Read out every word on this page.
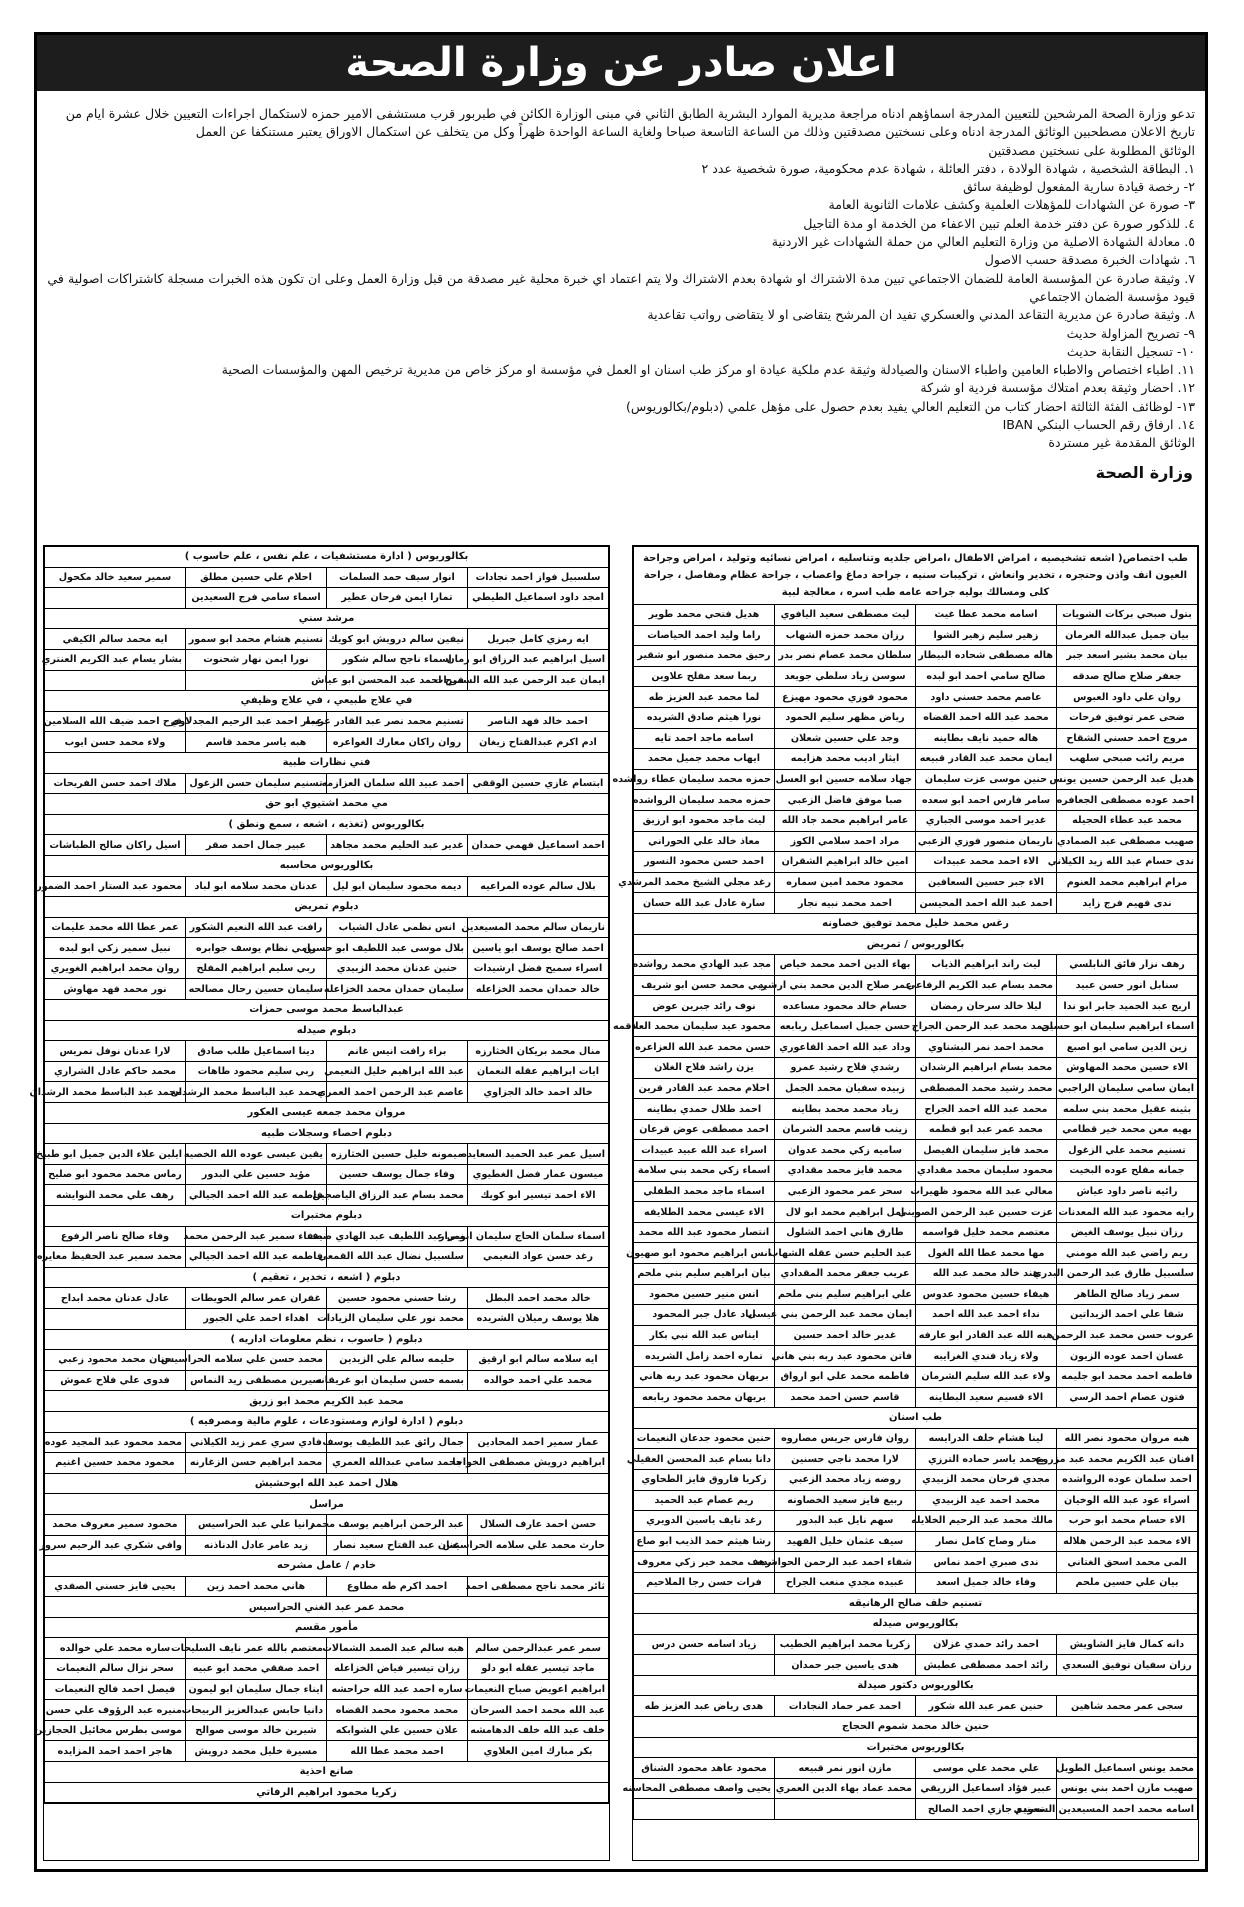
اعلان صادر عن وزارة الصحة

تدعو وزارة الصحة المرشحين للتعيين المدرجة اسماؤهم ادناه مراجعة مديرية الموارد البشرية الطابق الثاني في مبنى الوزارة الكائن في طبربور قرب مستشفى الامير حمزه لاستكمال اجراءات التعيين خلال عشرة ايام من تاريخ الاعلان مصطحبين الوثائق المدرجة ادناه وعلى نسختين مصدقتين وذلك من الساعة التاسعة صباحا ولغاية الساعة الواحدة ظهراً وكل من يتخلف عن استكمال الاوراق يعتبر مستنكفا عن العمل

الوثائق المطلوبة على نسختين مصدقتين

١. البطاقة الشخصية ، شهادة الولادة ، دفتر العائلة ، شهادة عدم محكومية، صورة شخصية عدد ٢

٢- رخصة قيادة سارية المفعول لوظيفة سائق

٣- صورة عن الشهادات للمؤهلات العلمية وكشف علامات الثانوية العامة

٤. للذكور صورة عن دفتر خدمة العلم تبين الاعفاء من الخدمة او مدة التاجيل

٥. معادلة الشهادة الاصلية من وزارة التعليم العالي من حملة الشهادات غير الاردنية

٦. شهادات الخبرة مصدقة حسب الاصول

٧. وثيقة صادرة عن المؤسسة العامة للضمان الاجتماعي تبين مدة الاشتراك او شهادة بعدم الاشتراك ولا يتم اعتماد اي خبرة محلية غير مصدقة من قبل وزارة العمل وعلى ان تكون هذه الخبرات مسجلة كاشتراكات اصولية في قيود مؤسسة الضمان الاجتماعي

٨. وثيقة صادرة عن مديرية التقاعد المدني والعسكري تفيد ان المرشح يتقاضى او لا يتقاضى رواتب تقاعدية

٩- تصريح المزاولة حديث

١٠- تسجيل النقابة حديث

١١. اطباء اختصاص والاطباء العامين واطباء الاسنان والصيادلة وثيقة عدم ملكية عيادة او مركز طب اسنان او العمل في مؤسسة او مركز خاص من مديرية ترخيص المهن والمؤسسات الصحية

١٢. احضار وثيقة بعدم امتلاك مؤسسة فردية او شركة

١٣- لوظائف الفئة الثالثة احضار كتاب من التعليم العالي يفيد بعدم حصول على مؤهل علمي (دبلوم/بكالوريوس)

١٤. ارفاق رقم الحساب البنكي IBAN

الوثائق المقدمة غير مستردة

وزارة الصحة
طب اختصاص( اشعه تشخيصيه ، امراض الاطفال ،امراض جلديه وتناسليه ، امراض نسائيه وتوليد ، امراض وجراحة العيون انف واذن وحنجره ، تخدير وانعاش ، تركيبات سنيه ، جراحة دماغ واعصاب ، جراحة عظام ومفاصل ، جراحة كلى ومسالك بوليه جراحه عامه طب اسره ، معالجة لبية			
بتول صبحي بركات الشويات	اسامه محمد عطا غيث	ليث مصطفى سعيد اليافوي	هديل فتحي محمد طوير
بيان جميل عبدالله العرمان	زهير سليم زهير الشوا	رزان محمد حمزه الشهاب	راما وليد احمد الحياصات
بيان محمد بشير اسعد جبر	هاله مصطفى شحاده البيطار	سلطان محمد عصام نصر بدر	رحيق محمد منصور ابو شقير
جعفر صلاح صالح صدقه	صالح سامي احمد ابو لبده	سوسن زياد سلطي جويعد	ربما سعد مفلح علاوين
روان علي داود العبوس	عاصم محمد حسني داود	محمود فوزي محمود مهيزع	لما محمد عبد العزيز طه
ضحى عمر توفيق فرحات	محمد عبد الله احمد القضاه	رياض مظهر سليم الحمود	نورا هيثم صادق الشريده
مروج احمد حسني الشقاح	هاله حميد نايف بطاينه	وجد علي حسين شعلان	اسامه ماجد احمد تايه
مريم رائب صبحي سلهب	ايمان محمد عبد القادر قبيعه	ايثار اديب محمد هزايمه	ايهاب محمد جميل محمد
هديل عبد الرحمن حسين يونس	حنين موسى عزت سليمان	جهاد سلامه حسين ابو العسل	حمزه محمد سليمان عطاء رواشده
احمد عوده مصطفى الجعافره	سامر فارس احمد ابو سعده	صبا موفق فاضل الزعبي	حمزه محمد سليمان الرواشده
محمد عبد عطاء الحجيله	غدير احمد موسى الجباري	عامر ابراهيم محمد جاد الله	ليث ماجد محمود ابو ارزيق
صهيب مصطفى عبد الصمادي	ناريمان منصور فوزي الزعبي	مراد احمد سلامي الكوز	معاذ خالد علي الحوراني
ندى حسام عبد الله زيد الكيلاني	الاء احمد محمد عبيدات	امين خالد ابراهيم الشقران	احمد حسن محمود النسور
مرام ابراهيم محمد العنوم	الاء جبر حسين السعافين	محمود محمد امين سماره	رغد مجلي الشيخ محمد المرشدي
ندى فهيم فرج زايد	احمد عبد الله احمد المحيسن	احمد محمد نبيه نجار	سارة عادل عبد الله حسان
رغس محمد خليل محمد توفيق خصاونه			
بكالوريوس / تمريض			
رهف نزار فائق النابلسي	ليث راند ابراهيم الذياب	بهاء الدين احمد محمد خياص	مجد عبد الهادي محمد رواشده
سنابل انور حسن عبيد	محمد بسام عبد الكريم الرفاعي	عمر صلاح الدين محمد بني ارشيد	ربي محمد حسن ابو شريف
اريج عبد الحميد جابر ابو ندا	ليلا خالد سرحان رمضان	حسام خالد محمود مساعده	نوف رائد جبرين عوض
اسماء ابراهيم سليمان ابو حسين	احمد محمد عبد الرحمن الجراح	حسن جميل اسماعيل ربابعه	محمود عيد سليمان محمد العلاقمه
زين الدين سامي ابو اصبع	محمد احمد نمر البشناوي	وداد عبد الله احمد الفاعوري	حسن محمد عبد الله العزاعره
الاء حسين محمد المهاوش	محمد بسام ابراهيم الرشدان	رشدي فلاح رشيد عمرو	يزن راشد فلاح الغلان
ايمان سامي سليمان الراجبي	محمد رشيد محمد المصطفى	زبيده سفيان محمد الجمل	احلام محمد عبد القادر قرين
بثينه عقيل محمد بني سلمه	محمد عبد الله احمد الجراح	زياد محمد محمد بطاينه	احمد طلال حمدي بطاينه
بهيه معن محمد خير قطامي	محمد عمر عبد ابو قطمه	زينب قاسم محمد الشرمان	احمد مصطفى عوض قرعان
تسنيم محمد علي الزغول	محمد فايز سليمان الفيصل	ساميه زكي محمد عدوان	اسراء عبد الله عبيد عبيدات
جمانه مفلح عوده البخيت	محمود سليمان محمد مقدادي	محمد فايز محمد مقدادي	اسماء زكي محمد بني سلامة
رائيه ناصر داود عياش	معالي عبد الله محمود ظهيرات	سحر عمر محمود الزعبي	اسماء ماجد محمد الطفلي
رايه محمود عبد الله المعدنات	عزت حسين عبد الرحمن الصويني	امل ابراهيم محمد ابو لال	الاء عيسى محمد الطلايفه
رزان نبيل يوسف الغيض	معتصم محمد خليل قواسمه	طارق هاني احمد الشلول	انتصار محمود عبد الله محمد
ريم راضي عبد الله مومني	مها محمد عطا الله الغول	عبد الحليم حسن عقله الشهاب	انس ابراهيم محمود ابو صهيون
سلسبيل طارق عبد الرحمن البدري	هند خالد محمد عبد الله	عريب جعفر محمد المقدادي	بيان ابراهيم سليم بني ملحم
سمر زياد صالح الطاهر	هيفاء حسين محمود عدوس	علي ابراهيم سليم بني ملحم	انس منير حسين محمود
شفا علي احمد الزيداتين	نداء احمد عبد الله احمد	ايمان محمد عبد الرحمن بني عيسى	اياد عادل جبر المحمود
عروب حسن محمد عبد الرحمن	هبه الله عبد القادر ابو عارفه	غدير خالد احمد حسين	ايناس عبد الله نبي بكار
غسان احمد عوده الزيون	ولاء زياد فندي الغرايبه	فاتن محمود عبد ربه بني هاني	تماره احمد زامل الشريده
فاطمه احمد محمد ابو جليمه	ولاء عبد الله سليم الشرمان	فاطمه محمد علي ابو ارواق	بريهان محمود عبد ربه هاني
فتون عصام احمد الرسي	الاء قسيم سعيد البطاينه	قاسم حسن احمد محمد	بريهان محمد محمود ربابعه
طب اسنان			
هبه مروان محمود نصر الله	لينا هشام خلف الدرايسه	روان فارس جريس مصاروه	حنين محمود جدعان النعيمات
افنان عبد الكريم محمد عبد مزروع	محمد ياسر حماده الترزي	لارا محمد ناجي حسنين	دانا بسام عبد المحسن العقيلي
احمد سلمان عوده الرواشده	مجدي فرحان محمد الزبيدي	روضه زياد محمد الزعبي	زكريا فاروق فايز الطحاوي
اسراء عود عبد الله الوخيان	محمد احمد عيد الزبيدي	ربيع فايز سعيد الخصاونه	ريم عصام عبد الحميد
الاء حسام محمد ابو حرب	مالك محمد عبد الرحيم الخلايله	سهم نايل عبد البدور	رغد نايف ياسين الدويري
الاء محمد عبد الرحمن هلاله	منار وصاح كامل نصار	سيف عثمان خليل الفهيد	رشا هيثم حمد الذيب ابو صاع
المى محمد اسحق الغتاني	ندى صبري احمد نماس	شفاء احمد عبد الرحمن الحواشده	رهف محمد خير زكي معروف
بيان علي حسين ملحم	وفاء خالد جميل اسعد	عبيده مجدي منعب الجراح	فرات حسن رجا الملاحيم
تسنيم خلف صالح الرهانيقه			
بكالوريوس صيدله			
دانه كمال فايز الشاويش	احمد رائد حمدي غزلان	زكريا محمد ابراهيم الخطيب	زياد اسامه حسن درس
رزان سفيان توفيق السعدي	رائد احمد مصطفى عطيش	هدى ياسين جبر حمدان	
بكالوريوس دكتور صيدلة			
سجى عمر محمد شاهين	حنين عمر عبد الله شكور	احمد عمر حماد النجادات	هدى رياض عبد العزيز طه
حنين خالد محمد شموم الحجاج			
بكالوريوس مختبرات			
محمد يونس اسماعيل الطويل	علي محمد علي موسى	مازن انور نمر قبيعه	محمود عاهد محمود الشناق
صهيب مازن احمد بني يونس	عبير فؤاد اسماعيل الزريقي	محمد عماد بهاء الدين العمري	يحيى واصف مصطفى المحاسنه
اسامه محمد احمد المسيعدين السعودي	تسنيم جازي احمد الصالح		
بكالوريوس ( ادارة مستشفيات ، علم نفس ، علم حاسوب )			
سلسبيل فواز احمد نجادات	انوار سيف حمد السلمات	احلام علي حسين مطلق	سمير سعيد خالد مكحول
امجد داود اسماعيل الطيطي	تمارا ايمن فرحان عطير	اسماء سامي فرج السعيدين	
مرشد سني			
ايه رمزي كامل جبريل	نيفين سالم درويش ابو كويك	تسنيم هشام محمد ابو سمور	ايه محمد سالم الكيفي
اسيل ابراهيم عبد الرزاق ابو رمان	اسماء ناجح سالم شكور	نورا ايمن نهار شحنوت	بشار يسام عبد الكريم العنتري
ايمان عبد الرحمن عبد الله السميرات	فرح احمد عبد المحسن ابو عياش		
في علاج طبيعي ، في علاج وظيفي			
احمد خالد فهد الناصر	تسنيم محمد نصر عبد القادر عريبه	عمار احمد عبد الرحيم المجدلاوي	فرح احمد ضيف الله السلامين
ادم اكرم عبدالفتاح زيغان	روان راكان معارك الغواعره	هبه ياسر محمد قاسم	ولاء محمد حسن ايوب
فني نظارات طبية			
ابتسام غازي حسين الوقفي	احمد عبيد الله سلمان العزازمه	تسنيم سليمان حسن الزغول	ملاك احمد حسن الفريحات
مي محمد اشتيوي ابو حق			
بكالوريوس (تغذيه ، اشعه ، سمع ونطق )			
احمد اسماعيل فهمي حمدان	غدير عبد الحليم محمد مجاهد	عبير جمال احمد صقر	اسيل راكان صالح الطباشات
بكالوريوس محاسبه			
بلال سالم عوده المراعيه	ديمه محمود سليمان ابو ليل	عدنان محمد سلامه ابو لباد	محمود عبد الستار احمد الضمور
دبلوم تمريض			
ناريمان سالم محمد المسيعدين	انس نظمي عادل الشياب	رافت عبد الله النعيم الشكور	عمر عطا الله محمد عليمات
احمد صالح يوسف ابو ياسين	بلال موسى عبد اللطيف ابو حسين	رامي نظام يوسف جوابره	نبيل سمير زكي ابو لبده
اسراء سميح فضل ارشيدات	حنين عدنان محمد الزبيدي	ربي سليم ابراهيم المفلح	روان محمد ابراهيم الغويري
خالد حمدان محمد الخزاعله	سليمان حمدان محمد الخزاعله	سليمان حسين رحال مصالحه	نور محمد فهد مهاوش
عبدالباسط محمد موسى حمزات			
دبلوم صيدله			
منال محمد بريكان الخثارزه	براء رافت انيس غانم	دينا اسماعيل طلب صادق	لارا عدنان نوفل نمريس
ايات ابراهيم عقله النعمان	عبد الله ابراهيم خليل النعيمي	ربي سليم محمود طاهات	محمد حاكم عادل الشراري
خالد احمد خالد الجزاوي	عاصم عبد الرحمن احمد العمري	محمد عبد الباسط محمد الرشدان	محمد عبد الباسط محمد الرشدان
مروان محمد جمعه عيسى العكور			
دبلوم احصاء وسجلات طبيه			
اسيل عمر عبد الحميد السعايده	ميمونه خليل حسين الخثارزه	يقين عيسى عوده الله الخصيه	ايلين علاء الدين جميل ابو طبيخ
ميسون عمار فضل الغطيوي	وفاء جمال يوسف حسين	مؤيد حسين علي البدور	رماس محمد محمود ابو صليح
الاء احمد تيسير ابو كويك	محمد بسام عبد الرزاق الياصجين	فاطمه عبد الله احمد الجيالي	رهف علي محمد النوايشه
دبلوم مختبرات			
اسماء سلمان الحاج سليمان ابومرار	نبي عبد اللطيف عبد الهادي ضيف	صفاء سمير عبد الرحمن محمد	وفاء صالح ناصر الرفوع
رغد حسن عواد النعيمي	سلسبيل نضال عبد الله القمعي	فاطمه عبد الله احمد الجيالي	محمد سمير عبد الحفيظ معايره
دبلوم ( اشعه ، تخدير ، تعقيم )			
خالد محمد احمد البطل	رشا حسني محمود حسين	غفران عمر سالم الحويطات	عادل عدنان محمد ابداح
هلا يوسف رميلان الشريده	محمد نور علي سليمان الزيادات	اهداء احمد علي الجبور	
دبلوم ( حاسوب ، نظم معلومات اداريه )			
ايه سلامه سالم ابو ارقيق	حليمه سالم علي الزيدين	محمد حسن علي سلامه الحراسيس	حنان محمد محمود زعبي
محمد علي احمد خوالده	بسمه حسن سليمان ابو غريقانه	سيرين مصطفى زيد النماس	فدوى علي فلاح عموش
محمد عبد الكريم محمد ابو زريق			
دبلوم ( ادارة لوازم ومستودعات ، علوم مالية ومصرفيه )			
عمار سمير احمد المحادين	جمال رائق عبد اللطيف يوسف	فادي سري عمر زيد الكيلاني	محمد محمود عبد المجيد عوده
ابراهيم درويش مصطفى الخواجا	محمد سامي عبدالله العمري	محمد ابراهيم حسن الزغارنه	محمود محمد حسين اغنيم
هلال احمد عبد الله ابوحشيش			
مراسل			
حسن احمد عارف السلال	عبد الرحمن ابراهيم يوسف محمد	رانيا علي عبد الحراسيس	محمود سمير معروف محمد
حارث محمد علي سلامه الحراسيس	غنان عبد الفتاح سعيد نصار	زيد عامر عادل الدناذنه	وافي شكري عبد الرحيم سرور
خادم / عامل مشرحه			
ثائر محمد ناجح مصطفى احمد	احمد اكرم طه مطاوع	هاني محمد احمد زين	يحيى فايز حسني الصفدي
محمد عمر عبد الغني الحراسيس			
مأمور مقسم			
سمر عمر عبدالرحمن سالم	هبه سالم عبد الصمد الشمالات	معتصم بالله عمر نايف السليحات	ساره محمد علي خوالده
ماجد تيسير عقله ابو دلو	رزان تيسير فياض الخزاعله	احمد صفقي محمد ابو عبيه	سحر نزال سالم النعيمات
ابراهيم اعويض صباح النعيمات	ساره احمد عبد الله حراحشه	ايناء جمال سليمان ابو ليمون	فيصل احمد فالح النعيمات
عبد الله محمد احمد السرحان	محمد محمود محمد القضاه	دانيا حابس عبدالعزيز الربيحات	منيره عبد الرؤوف علي حسن
خلف عبد الله خلف الدهامشه	علان حسين علي الشوابكه	شيرين خالد موسى صوالح	موسى بطرس مخائيل الحجازين
بكر مبارك امين العلاوي	احمد محمد عطا الله	مسيرة خليل محمد درويش	هاجر احمد احمد المزايده
صانع احذية			
زكريا محمود ابراهيم الرفاتي			
